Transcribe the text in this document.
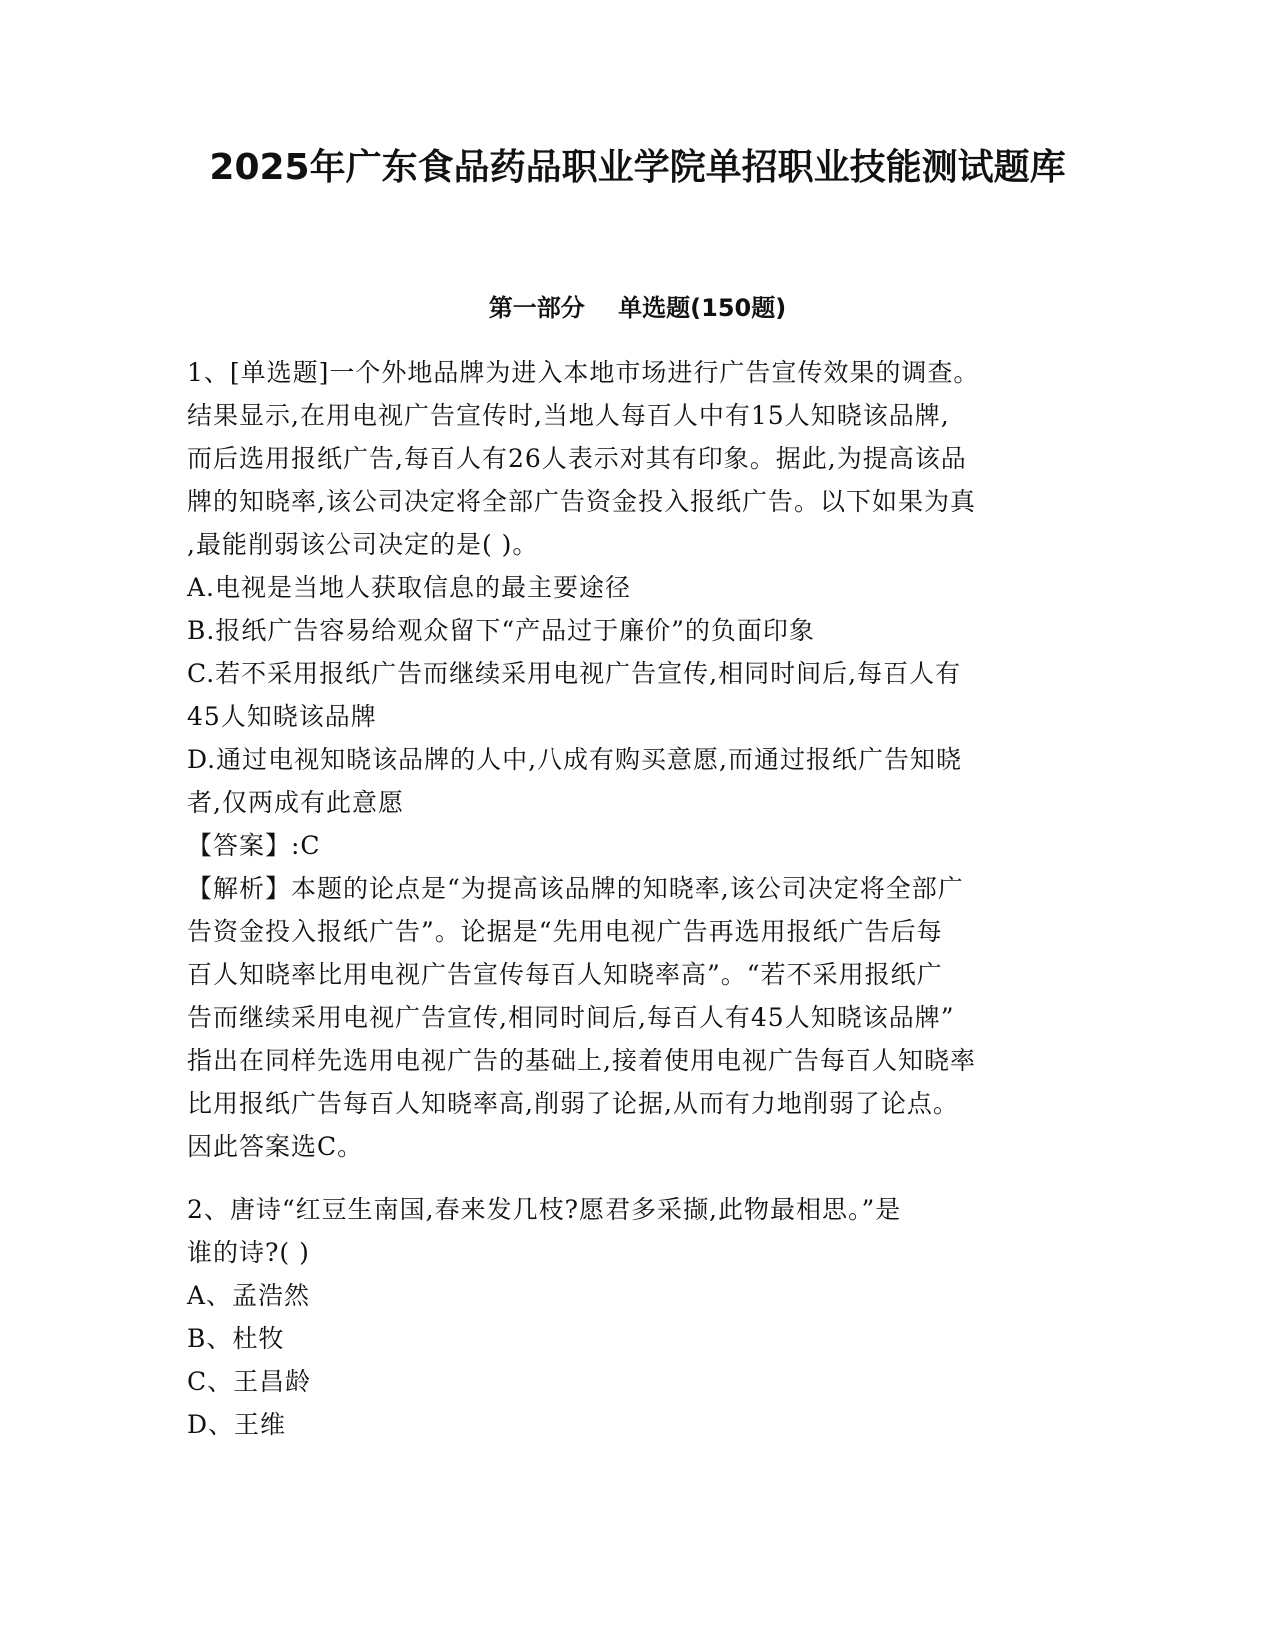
2025年广东食品药品职业学院单招职业技能测试题库
第一部分    单选题(150题)

1、[单选题]一个外地品牌为进入本地市场进行广告宣传效果的调查。

结果显示,在用电视广告宣传时,当地人每百人中有15人知晓该品牌,

而后选用报纸广告,每百人有26人表示对其有印象。据此,为提高该品

牌的知晓率,该公司决定将全部广告资金投入报纸广告。以下如果为真

,最能削弱该公司决定的是( )。

A.电视是当地人获取信息的最主要途径

B.报纸广告容易给观众留下“产品过于廉价”的负面印象

C.若不采用报纸广告而继续采用电视广告宣传,相同时间后,每百人有

45人知晓该品牌

D.通过电视知晓该品牌的人中,八成有购买意愿,而通过报纸广告知晓

者,仅两成有此意愿

【答案】:C

【解析】本题的论点是“为提高该品牌的知晓率,该公司决定将全部广

告资金投入报纸广告”。论据是“先用电视广告再选用报纸广告后每

百人知晓率比用电视广告宣传每百人知晓率高”。“若不采用报纸广

告而继续采用电视广告宣传,相同时间后,每百人有45人知晓该品牌”

指出在同样先选用电视广告的基础上,接着使用电视广告每百人知晓率

比用报纸广告每百人知晓率高,削弱了论据,从而有力地削弱了论点。

因此答案选C。

2、唐诗“红豆生南国,春来发几枝?愿君多采撷,此物最相思。”是

谁的诗?( )

A、孟浩然

B、杜牧

C、王昌龄

D、王维
